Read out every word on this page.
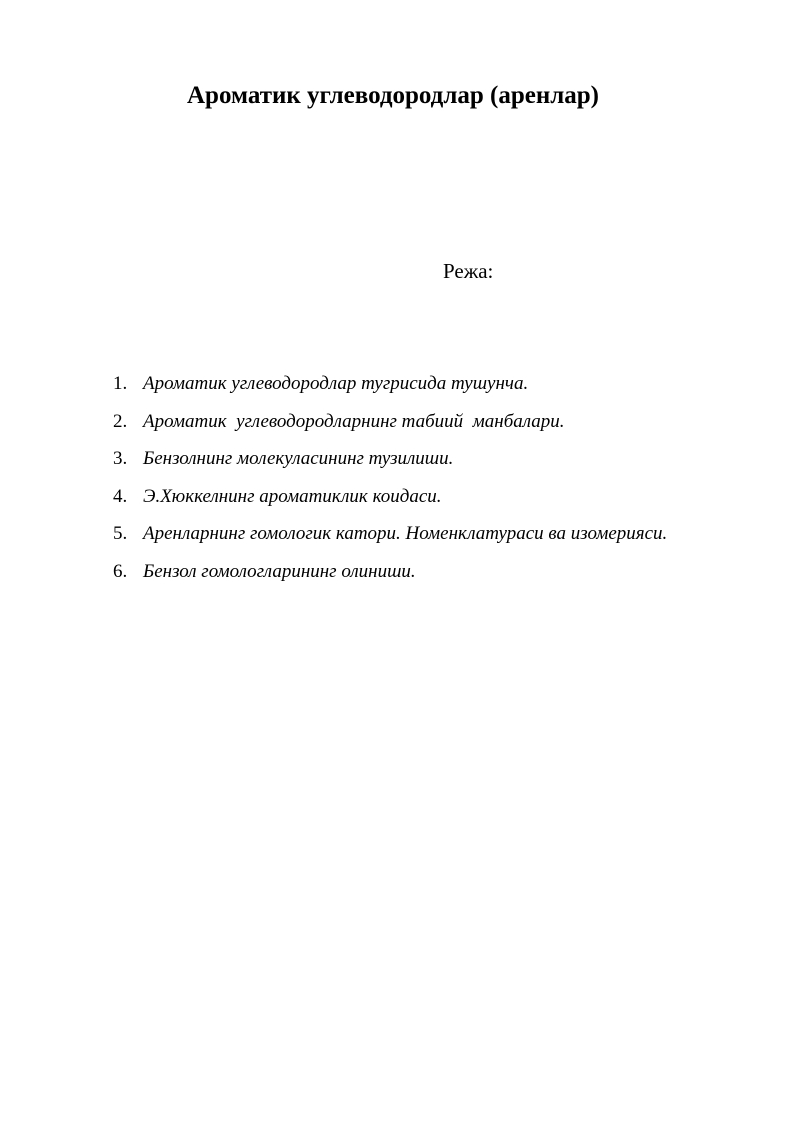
Ароматик углеводородлар (аренлар)
Режа:
1. Ароматик углеводородлар тугрисида тушунча.
2. Ароматик  углеводородларнинг табиий  манбалари.
3. Бензолнинг молекуласининг тузилиши.
4. Э.Хюккелнинг ароматиклик коидаси.
5. Аренларнинг гомологик катори. Номенклатураси ва изомерияси.
6. Бензол гомологларининг олиниши.
